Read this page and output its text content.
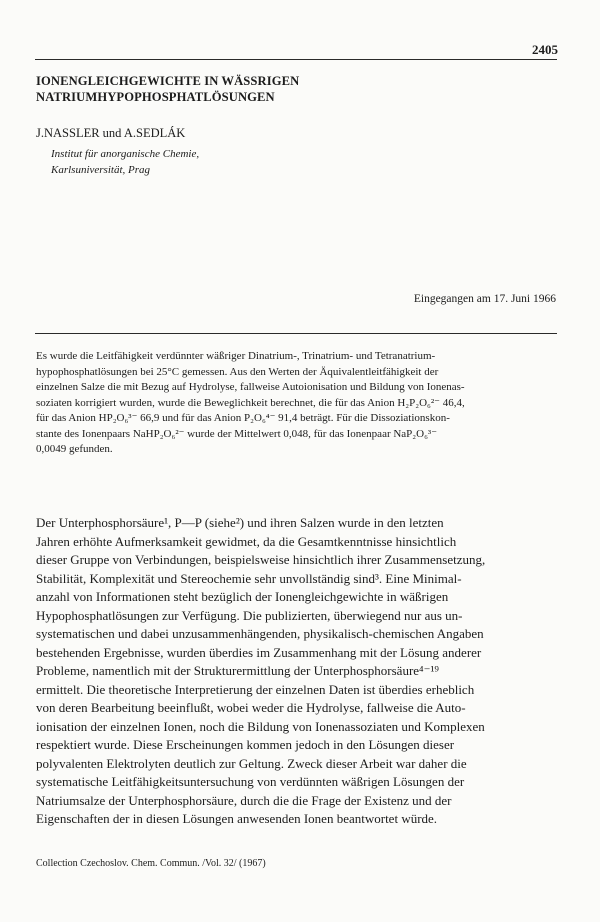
2405
IONENGLEICHGEWICHTE IN WÄSSRIGEN
NATRIUMHYPOPHOSPHATLÖSUNGEN
J.NASSLER und A.SEDLÁK
Institut für anorganische Chemie,
Karlsuniversität, Prag
Eingegangen am 17. Juni 1966
Es wurde die Leitfähigkeit verdünnter wäßriger Dinatrium-, Trinatrium- und Tetranatrium-
hypophosphatlösungen bei 25°C gemessen. Aus den Werten der Äquivalentleitfähigkeit der
einzelnen Salze die mit Bezug auf Hydrolyse, fallweise Autoionisation und Bildung von Ionenas-
soziaten korrigiert wurden, wurde die Beweglichkeit berechnet, die für das Anion H₂P₂O₆²⁻ 46,4,
für das Anion HP₂O₆³⁻ 66,9 und für das Anion P₂O₆⁴⁻ 91,4 beträgt. Für die Dissoziationskon-
stante des Ionenpaars NaHP₂O₆²⁻ wurde der Mittelwert 0,048, für das Ionenpaar NaP₂O₆³⁻
0,0049 gefunden.
Der Unterphosphorsäure¹, P—P (siehe²) und ihren Salzen wurde in den letzten
Jahren erhöhte Aufmerksamkeit gewidmet, da die Gesamtkenntnisse hinsichtlich
dieser Gruppe von Verbindungen, beispielsweise hinsichtlich ihrer Zusammensetzung,
Stabilität, Komplexität und Stereochemie sehr unvollständig sind³. Eine Minimal-
anzahl von Informationen steht bezüglich der Ionengleichgewichte in wäßrigen
Hypophosphatlösungen zur Verfügung. Die publizierten, überwiegend nur aus un-
systematischen und dabei unzusammenhängenden, physikalisch-chemischen Angaben
bestehenden Ergebnisse, wurden überdies im Zusammenhang mit der Lösung anderer
Probleme, namentlich mit der Strukturermittlung der Unterphosphorsäure⁴⁻¹⁹
ermittelt. Die theoretische Interpretierung der einzelnen Daten ist überdies erheblich
von deren Bearbeitung beeinflußt, wobei weder die Hydrolyse, fallweise die Auto-
ionisation der einzelnen Ionen, noch die Bildung von Ionenassoziaten und Komplexen
respektiert wurde. Diese Erscheinungen kommen jedoch in den Lösungen dieser
polyvalenten Elektrolyten deutlich zur Geltung. Zweck dieser Arbeit war daher die
systematische Leitfähigkeitsuntersuchung von verdünnten wäßrigen Lösungen der
Natriumsalze der Unterphosphorsäure, durch die die Frage der Existenz und der
Eigenschaften der in diesen Lösungen anwesenden Ionen beantwortet würde.
Collection Czechoslov. Chem. Commun. /Vol. 32/ (1967)
